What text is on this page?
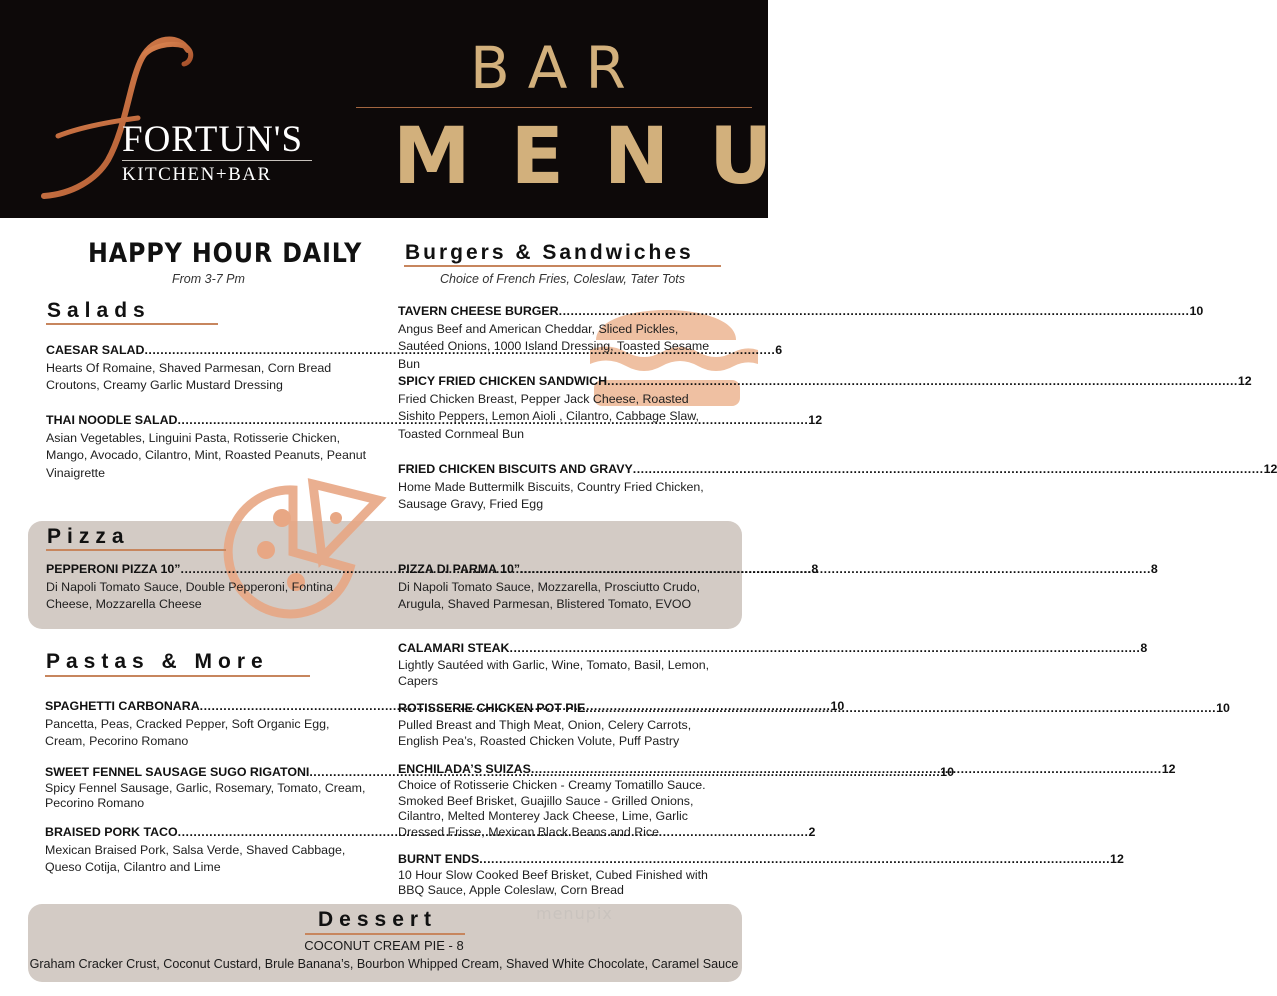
FORTUN'S
KITCHEN+BAR
BAR
MENU
HAPPY HOUR DAILY
From 3-7 Pm
Burgers & Sandwiches
Choice of French Fries, Coleslaw, Tater Tots
Salads
CAESAR SALAD .....	6
Hearts Of Romaine, Shaved Parmesan, Corn Bread Croutons, Creamy Garlic Mustard Dressing
THAI NOODLE SALAD .....	12
Asian Vegetables, Linguini Pasta, Rotisserie Chicken, Mango, Avocado, Cilantro, Mint, Roasted Peanuts, Peanut Vinaigrette
TAVERN CHEESE BURGER .....	10
Angus Beef and American Cheddar, Sliced Pickles, Sautéed Onions, 1000 Island Dressing, Toasted Sesame Bun
SPICY FRIED CHICKEN SANDWICH .....	12
Fried Chicken Breast, Pepper Jack Cheese, Roasted Sishito Peppers, Lemon Aioli , Cilantro, Cabbage Slaw, Toasted Cornmeal Bun
FRIED CHICKEN BISCUITS AND GRAVY .....	12
Home Made Buttermilk Biscuits, Country Fried Chicken, Sausage Gravy, Fried Egg
Pizza
PEPPERONI PIZZA 10” .....	8
Di Napoli Tomato Sauce, Double Pepperoni, Fontina Cheese, Mozzarella Cheese
PIZZA DI PARMA 10” .....	8
Di Napoli Tomato Sauce, Mozzarella, Prosciutto Crudo, Arugula, Shaved Parmesan, Blistered Tomato, EVOO
Pastas & More
SPAGHETTI CARBONARA .....	10
Pancetta, Peas, Cracked Pepper, Soft Organic Egg, Cream, Pecorino Romano
SWEET FENNEL SAUSAGE SUGO RIGATONI .....	10
Spicy Fennel Sausage, Garlic, Rosemary, Tomato, Cream, Pecorino Romano
BRAISED PORK TACO .....	2
Mexican Braised Pork, Salsa Verde, Shaved Cabbage, Queso Cotija, Cilantro and Lime
CALAMARI STEAK .....	8
Lightly Sautéed with Garlic, Wine, Tomato, Basil, Lemon, Capers
ROTISSERIE CHICKEN POT PIE .....	10
Pulled Breast and Thigh Meat, Onion, Celery Carrots, English Pea’s, Roasted Chicken Volute, Puff Pastry
ENCHILADA’S SUIZAS .....	12
Choice of Rotisserie Chicken - Creamy Tomatillo Sauce. Smoked Beef Brisket, Guajillo Sauce - Grilled Onions, Cilantro, Melted Monterey Jack Cheese, Lime, Garlic Dressed Frisse, Mexican Black Beans and Rice
BURNT ENDS .....	12
10 Hour Slow Cooked Beef Brisket, Cubed Finished with BBQ Sauce, Apple Coleslaw, Corn Bread
Dessert
COCONUT CREAM PIE - 8
Graham Cracker Crust, Coconut Custard, Brule Banana’s, Bourbon Whipped Cream, Shaved White Chocolate, Caramel Sauce
menupix
